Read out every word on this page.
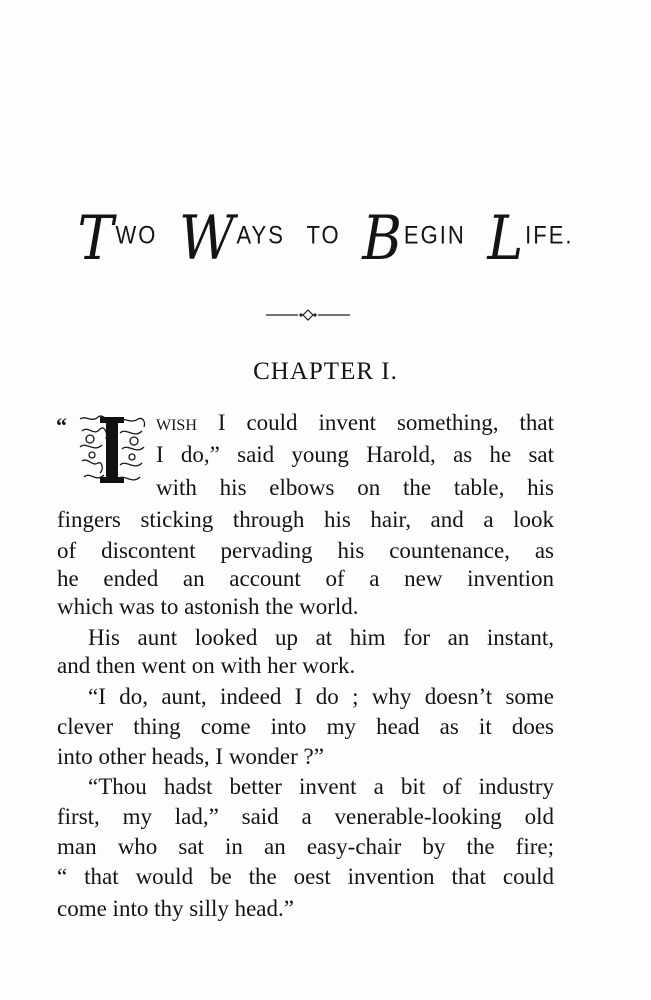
TWO WAYS TO BEGIN LIFE.
CHAPTER I.
“
I
wish I could invent something, that
I do,” said young Harold, as he sat
with his elbows on the table, his
fingers sticking through his hair, and a look
of discontent pervading his countenance, as
he ended an account of a new invention
which was to astonish the world.
His aunt looked up at him for an instant,
and then went on with her work.
“I do, aunt, indeed I do ; why doesn’t some
clever thing come into my head as it does
into other heads, I wonder ?”
“Thou hadst better invent a bit of industry
first, my lad,” said a venerable-looking old
man who sat in an easy-chair by the fire;
“ that would be the oest invention that could
come into thy silly head.”
